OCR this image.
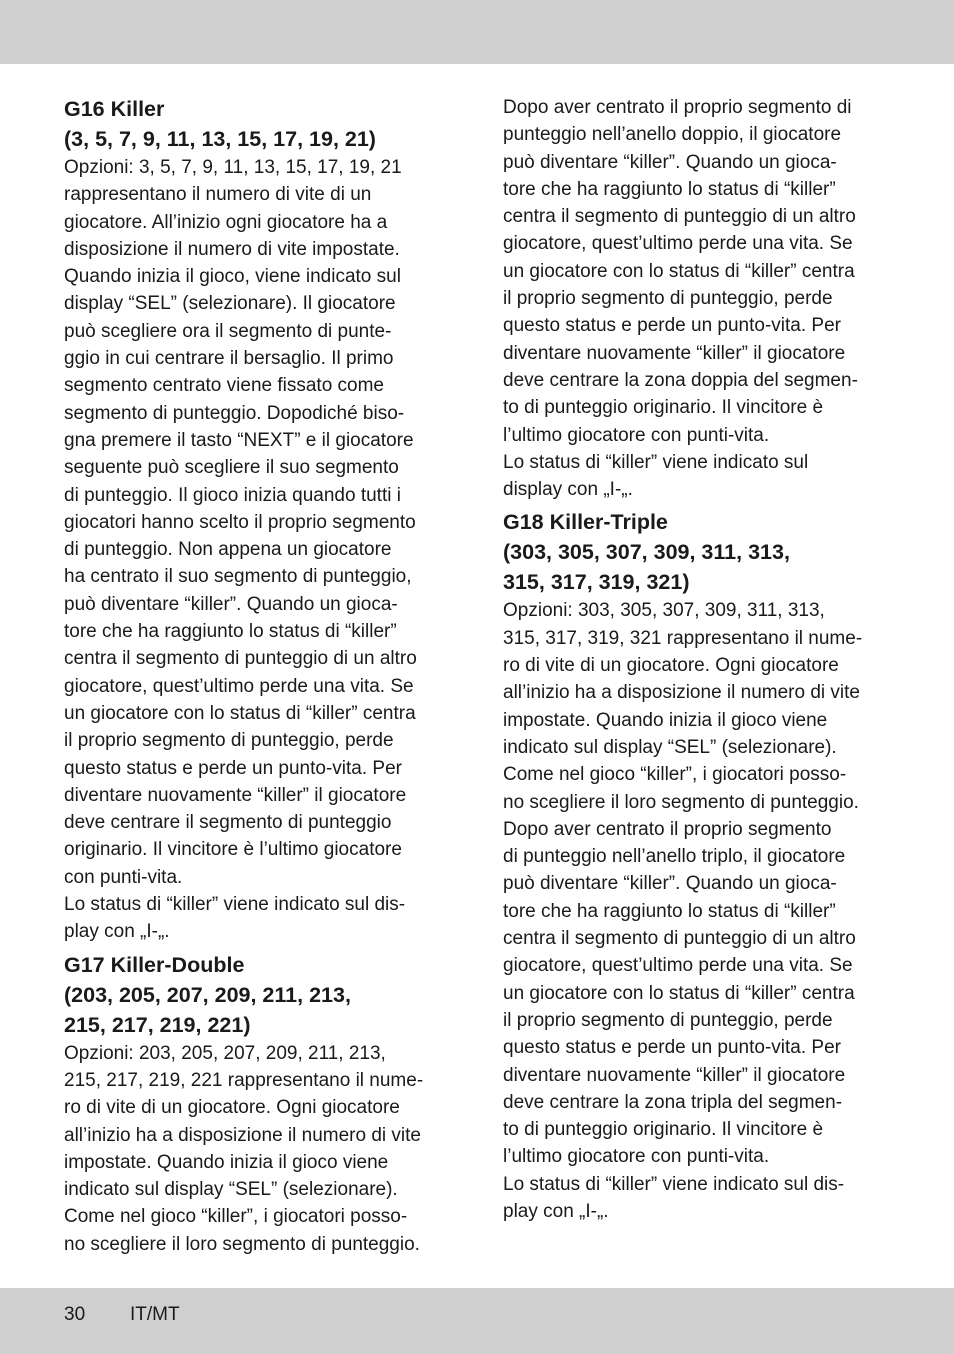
G16 Killer
(3, 5, 7, 9, 11, 13, 15, 17, 19, 21)
Opzioni: 3, 5, 7, 9, 11, 13, 15, 17, 19, 21
rappresentano il numero di vite di un
giocatore. All’inizio ogni giocatore ha a
disposizione il numero di vite impostate.
Quando inizia il gioco, viene indicato sul
display “SEL” (selezionare). Il giocatore
può scegliere ora il segmento di punte-
ggio in cui centrare il bersaglio. Il primo
segmento centrato viene fissato come
segmento di punteggio. Dopodiché biso-
gna premere il tasto “NEXT” e il giocatore
seguente può scegliere il suo segmento
di punteggio. Il gioco inizia quando tutti i
giocatori hanno scelto il proprio segmento
di punteggio. Non appena un giocatore
ha centrato il suo segmento di punteggio,
può diventare “killer”. Quando un gioca-
tore che ha raggiunto lo status di “killer”
centra il segmento di punteggio di un altro
giocatore, quest’ultimo perde una vita. Se
un giocatore con lo status di “killer” centra
il proprio segmento di punteggio, perde
questo status e perde un punto-vita. Per
diventare nuovamente “killer” il giocatore
deve centrare il segmento di punteggio
originario. Il vincitore è l’ultimo giocatore
con punti-vita.
Lo status di “killer” viene indicato sul dis-
play con „I-„.
G17 Killer-Double
(203, 205, 207, 209, 211, 213,
215, 217, 219, 221)
Opzioni: 203, 205, 207, 209, 211, 213,
215, 217, 219, 221 rappresentano il nume-
ro di vite di un giocatore. Ogni giocatore
all’inizio ha a disposizione il numero di vite
impostate. Quando inizia il gioco viene
indicato sul display “SEL” (selezionare).
Come nel gioco “killer”, i giocatori posso-
no scegliere il loro segmento di punteggio.
Dopo aver centrato il proprio segmento di
punteggio nell’anello doppio, il giocatore
può diventare “killer”. Quando un gioca-
tore che ha raggiunto lo status di “killer”
centra il segmento di punteggio di un altro
giocatore, quest’ultimo perde una vita. Se
un giocatore con lo status di “killer” centra
il proprio segmento di punteggio, perde
questo status e perde un punto-vita. Per
diventare nuovamente “killer” il giocatore
deve centrare la zona doppia del segmen-
to di punteggio originario. Il vincitore è
l’ultimo giocatore con punti-vita.
Lo status di “killer” viene indicato sul
display con „I-„.
G18 Killer-Triple
(303, 305, 307, 309, 311, 313,
315, 317, 319, 321)
Opzioni: 303, 305, 307, 309, 311, 313,
315, 317, 319, 321 rappresentano il nume-
ro di vite di un giocatore. Ogni giocatore
all’inizio ha a disposizione il numero di vite
impostate. Quando inizia il gioco viene
indicato sul display “SEL” (selezionare).
Come nel gioco “killer”, i giocatori posso-
no scegliere il loro segmento di punteggio.
Dopo aver centrato il proprio segmento
di punteggio nell’anello triplo, il giocatore
può diventare “killer”. Quando un gioca-
tore che ha raggiunto lo status di “killer”
centra il segmento di punteggio di un altro
giocatore, quest’ultimo perde una vita. Se
un giocatore con lo status di “killer” centra
il proprio segmento di punteggio, perde
questo status e perde un punto-vita. Per
diventare nuovamente “killer” il giocatore
deve centrare la zona tripla del segmen-
to di punteggio originario. Il vincitore è
l’ultimo giocatore con punti-vita.
Lo status di “killer” viene indicato sul dis-
play con „I-„.
30 IT/MT
